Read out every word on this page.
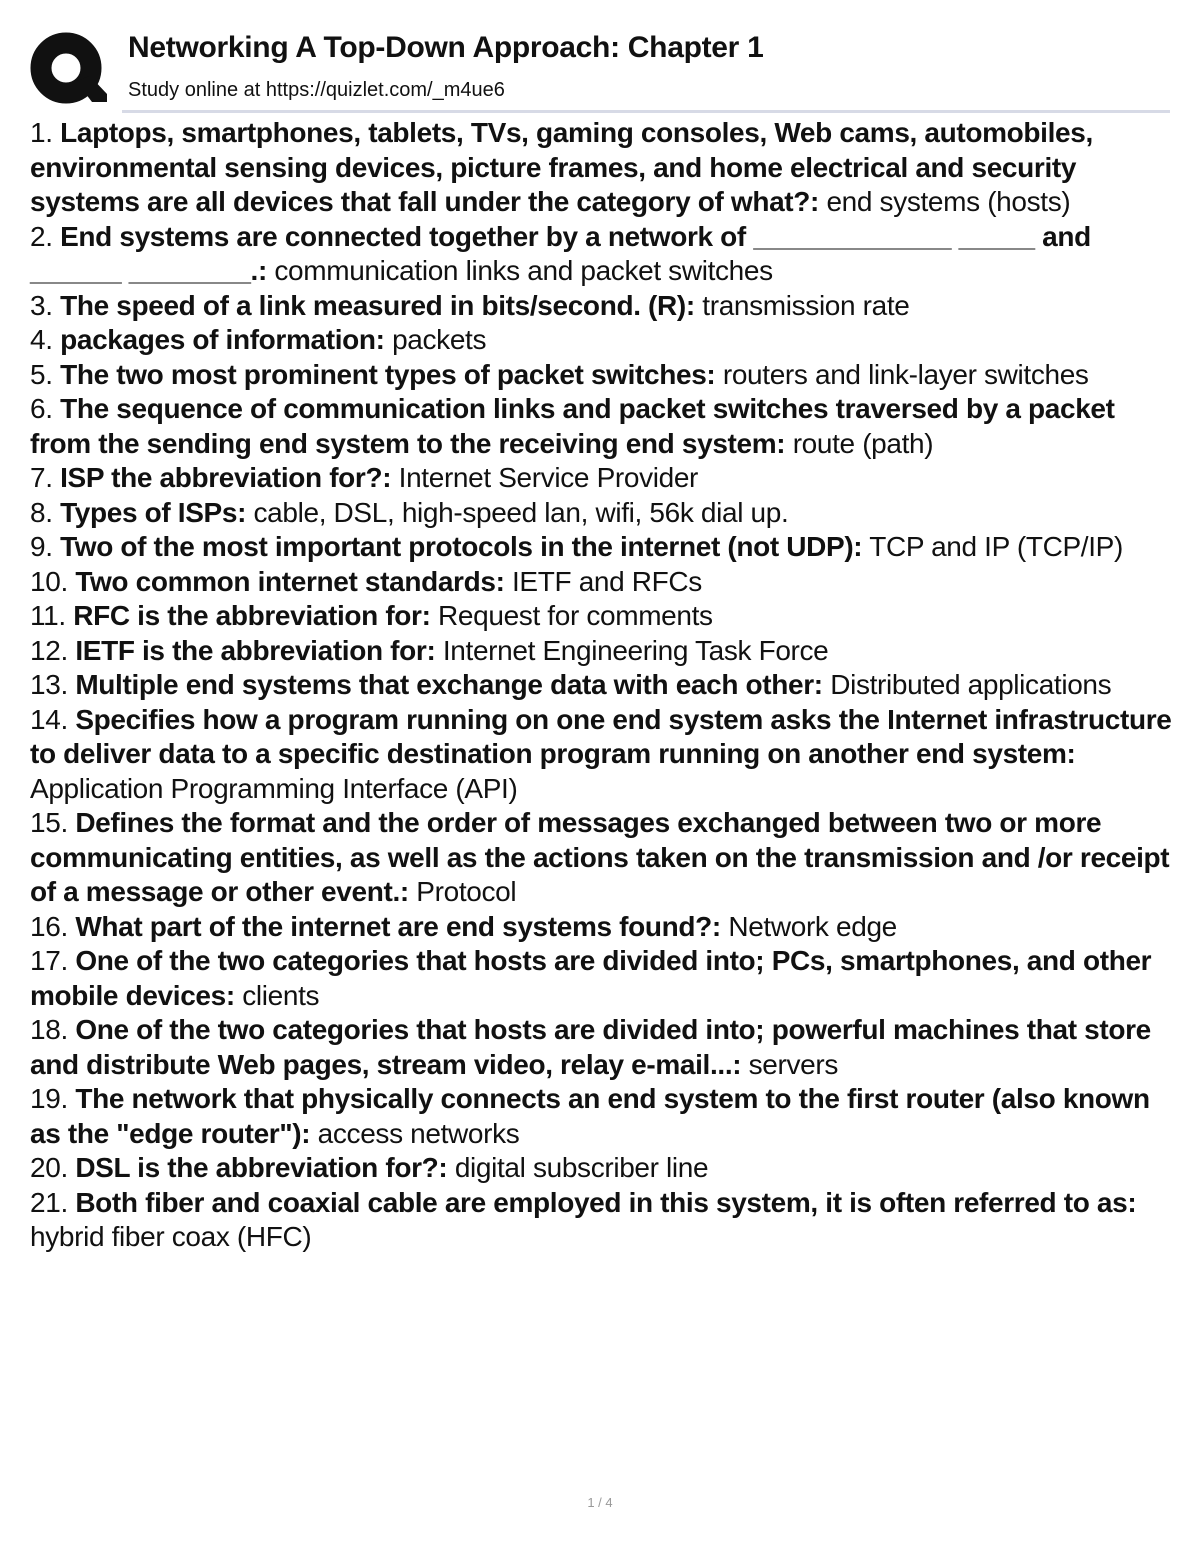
Networking A Top-Down Approach: Chapter 1
Study online at https://quizlet.com/_m4ue6

1. Laptops, smartphones, tablets, TVs, gaming consoles, Web cams, automobiles, environmental sensing devices, picture frames, and home electrical and security systems are all devices that fall under the category of what?: end systems (hosts)

2. End systems are connected together by a network of _____________ _____ and ______ ________.: communication links and packet switches

3. The speed of a link measured in bits/second. (R): transmission rate

4. packages of information: packets

5. The two most prominent types of packet switches: routers and link-layer switches

6. The sequence of communication links and packet switches traversed by a packet from the sending end system to the receiving end system: route (path)

7. ISP the abbreviation for?: Internet Service Provider

8. Types of ISPs: cable, DSL, high-speed lan, wifi, 56k dial up.

9. Two of the most important protocols in the internet (not UDP): TCP and IP (TCP/IP)

10. Two common internet standards: IETF and RFCs

11. RFC is the abbreviation for: Request for comments

12. IETF is the abbreviation for: Internet Engineering Task Force

13. Multiple end systems that exchange data with each other: Distributed applications

14. Specifies how a program running on one end system asks the Internet infrastructure to deliver data to a specific destination program running on another end system: Application Programming Interface (API)

15. Defines the format and the order of messages exchanged between two or more communicating entities, as well as the actions taken on the transmission and /or receipt of a message or other event.: Protocol

16. What part of the internet are end systems found?: Network edge

17. One of the two categories that hosts are divided into; PCs, smartphones, and other mobile devices: clients

18. One of the two categories that hosts are divided into; powerful machines that store and distribute Web pages, stream video, relay e-mail...: servers

19. The network that physically connects an end system to the first router (also known as the "edge router"): access networks

20. DSL is the abbreviation for?: digital subscriber line

21. Both fiber and coaxial cable are employed in this system, it is often referred to as: hybrid fiber coax (HFC)

1 / 4
